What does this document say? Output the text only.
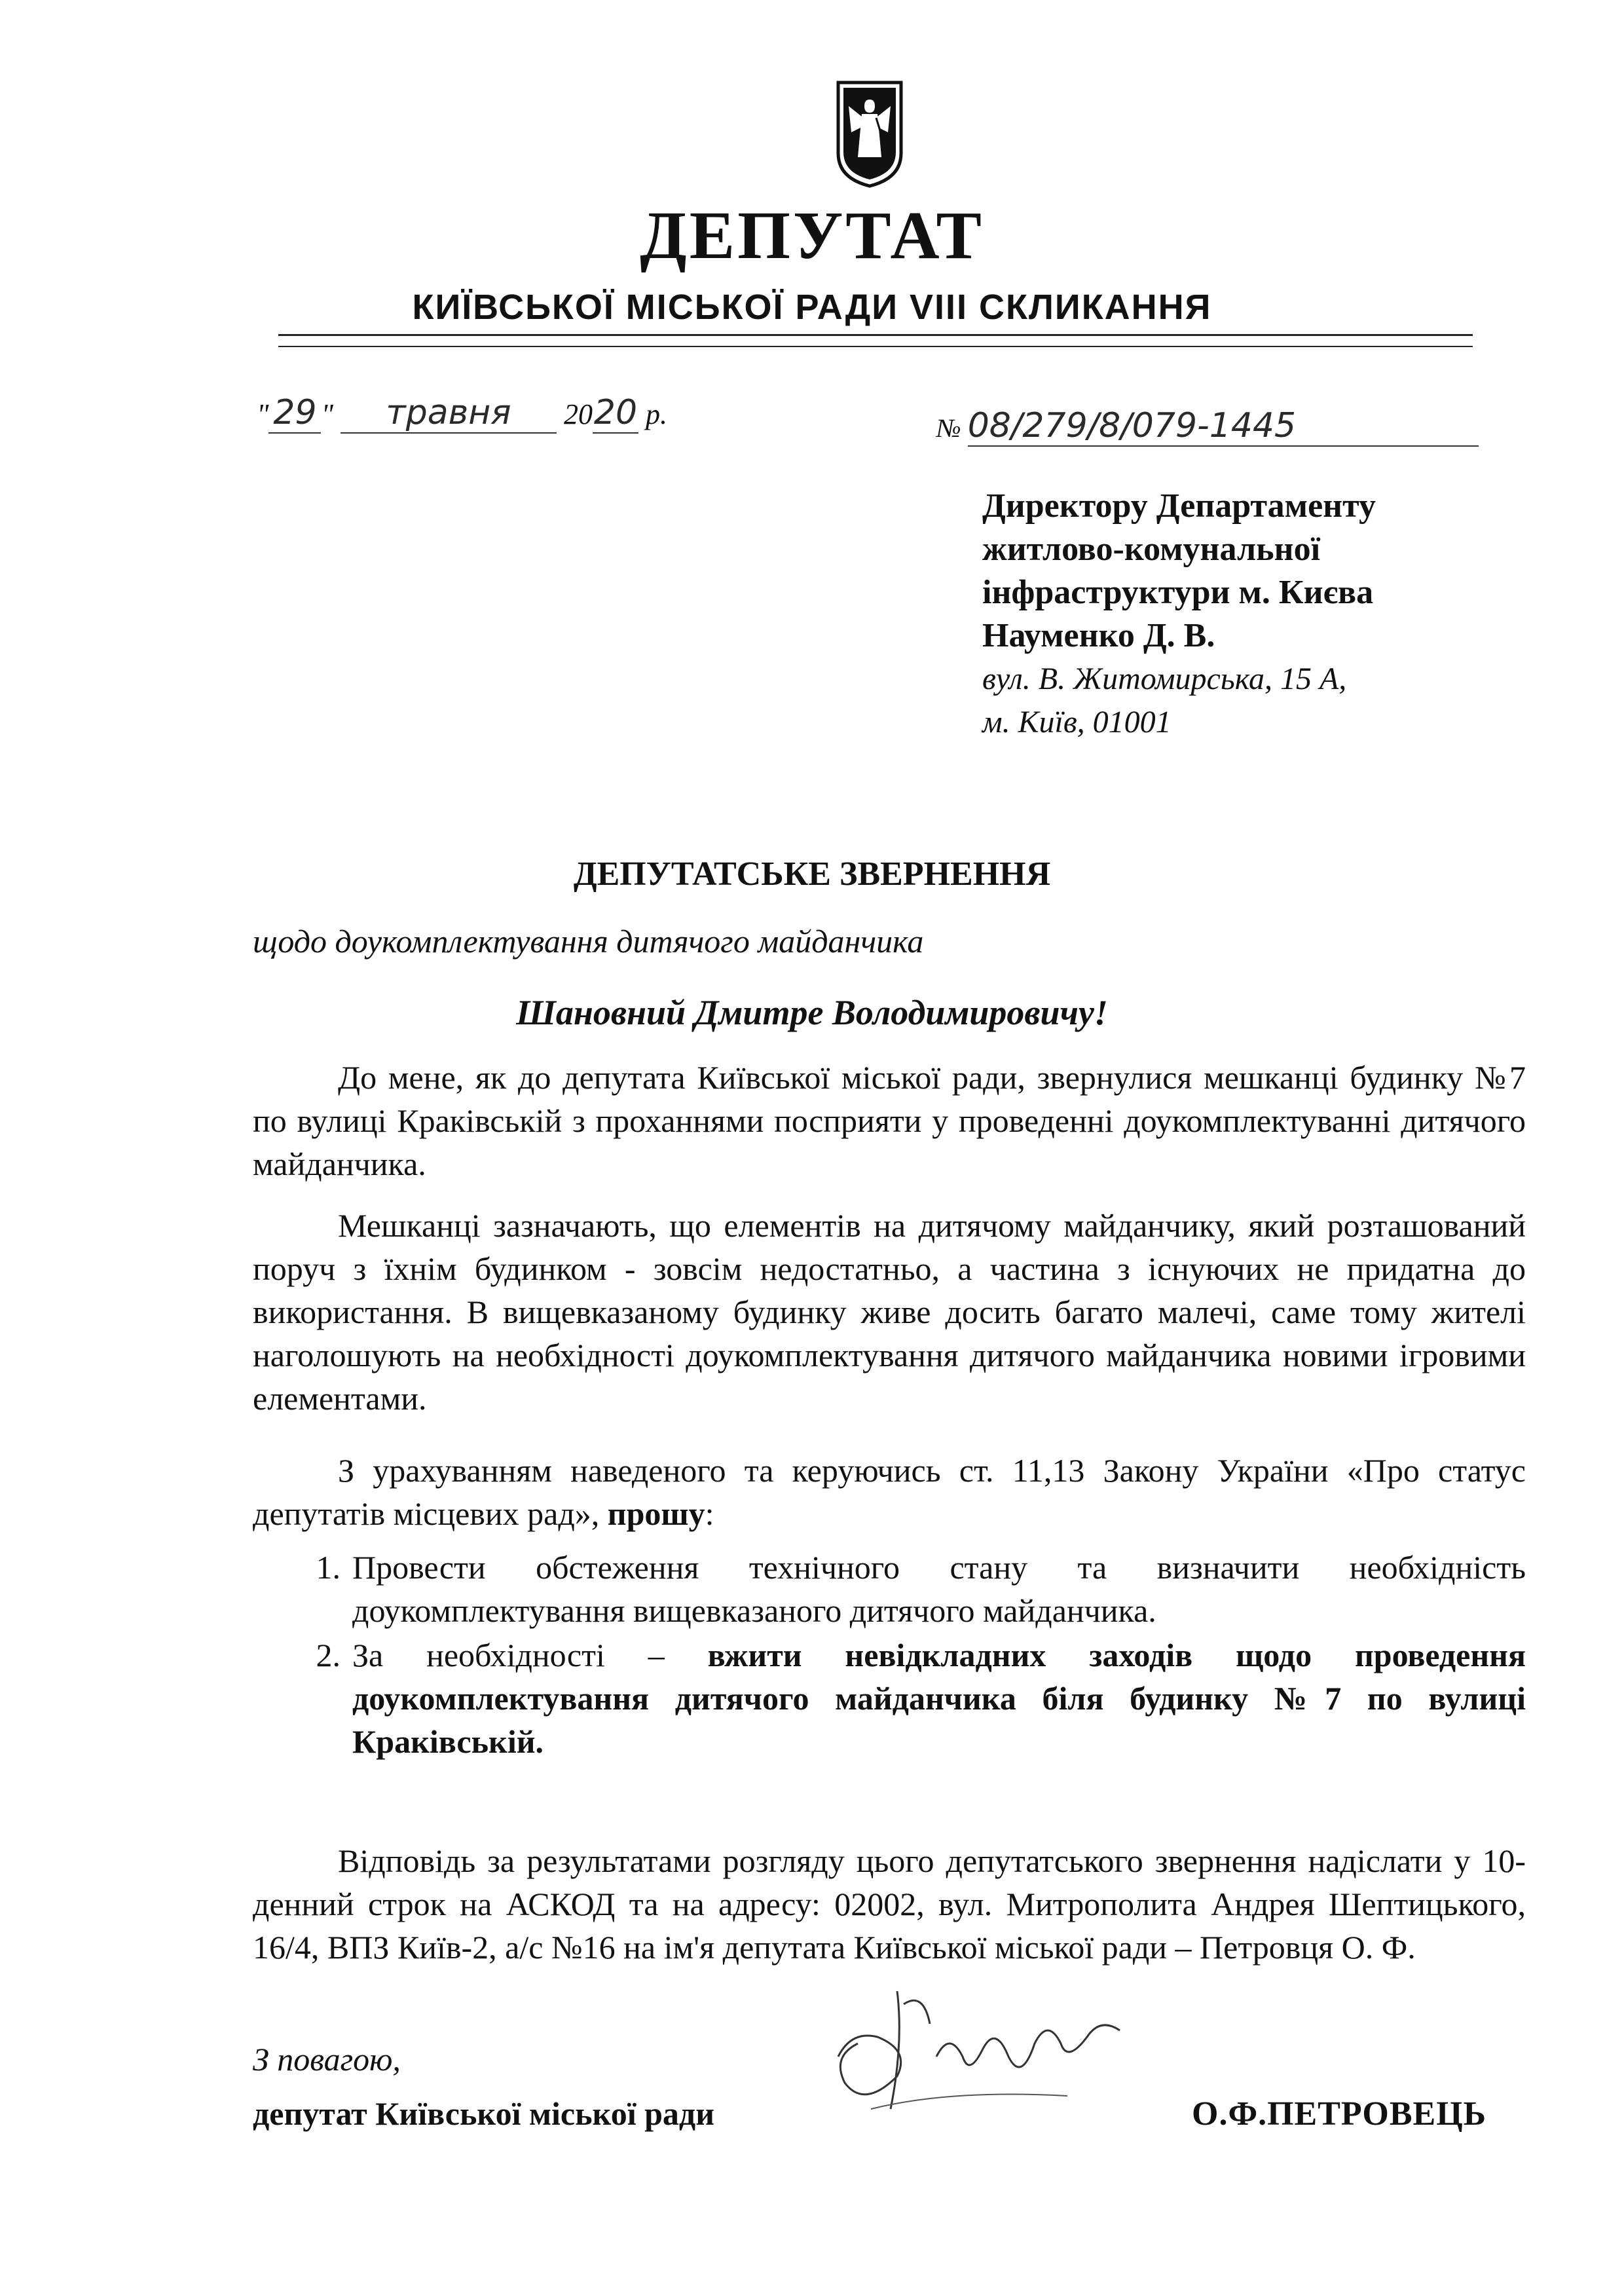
ДЕПУТАТ
КИЇВСЬКОЇ МІСЬКОЇ РАДИ VIII СКЛИКАННЯ
" 29 " травня 2020 р.	№ 08/279/8/079-1445
Директору Департаменту
житлово-комунальної
інфраструктури м. Києва
Науменко Д. В.
вул. В. Житомирська, 15 А,
м. Київ, 01001
ДЕПУТАТСЬКЕ ЗВЕРНЕННЯ
щодо доукомплектування дитячого майданчика
Шановний Дмитре Володимировичу!
До мене, як до депутата Київської міської ради, звернулися мешканці будинку №7 по вулиці Краківській з проханнями посприяти у проведенні доукомплектуванні дитячого майданчика.
Мешканці зазначають, що елементів на дитячому майданчику, який розташований поруч з їхнім будинком - зовсім недостатньо, а частина з існуючих не придатна до використання. В вищевказаному будинку живе досить багато малечі, саме тому жителі наголошують на необхідності доукомплектування дитячого майданчика новими ігровими елементами.
З урахуванням наведеного та керуючись ст. 11,13 Закону України «Про статус депутатів місцевих рад», прошу:
1. Провести обстеження технічного стану та визначити необхідність доукомплектування вищевказаного дитячого майданчика.
2. За необхідності – вжити невідкладних заходів щодо проведення доукомплектування дитячого майданчика біля будинку №7 по вулиці Краківській.
Відповідь за результатами розгляду цього депутатського звернення надіслати у 10-денний строк на АСКОД та на адресу: 02002, вул. Митрополита Андрея Шептицького, 16/4, ВПЗ Київ-2, а/с №16 на ім'я депутата Київської міської ради – Петровця О. Ф.
З повагою,
депутат Київської міської ради	О.Ф.ПЕТРОВЕЦЬ
